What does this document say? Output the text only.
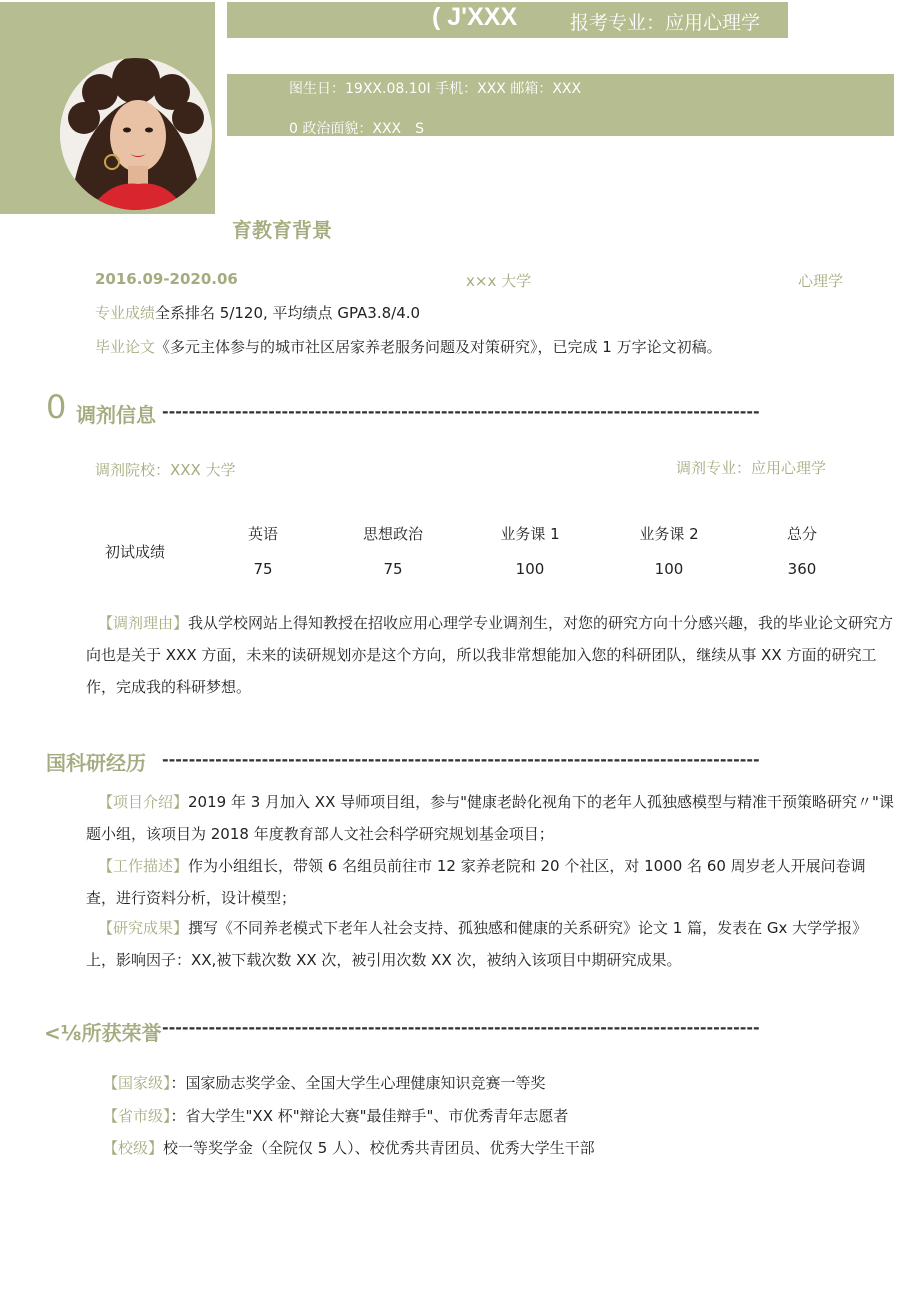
( J'XXX	报考专业：应用心理学
图生日：19XX.08.10I 手机：XXX 邮箱：XXX
0 政治面貌：XXX　S
育教育背景
2016.09-2020.06	x×x 大学	心理学
专业成绩全系排名 5/120, 平均绩点 GPA3.8/4.0
毕业论文《多元主体参与的城市社区居家养老服务问题及对策研究》，已完成 1 万字论文初稿。
0 调剂信息 ------------------------------------------------------------------------------------------
调剂院校：XXX 大学	调剂专业：应用心理学
初试成绩
英语	思想政治	业务课 1	业务课 2	总分
75	75	100	100	360
【调剂理由】我从学校网站上得知教授在招收应用心理学专业调剂生，对您的研究方向十分感兴趣，我的毕业论文研究方向也是关于 XXX 方面，未来的读研规划亦是这个方向，所以我非常想能加入您的科研团队，继续从事 XX 方面的研究工作，完成我的科研梦想。
国科研经历 ------------------------------------------------------------------------------------------
【项目介绍】2019 年 3 月加入 XX 导师项目组，参与"健康老龄化视角下的老年人孤独感模型与精准干预策略研究〃"课题小组，该项目为 2018 年度教育部人文社会科学研究规划基金项目；
【工作描述】作为小组组长，带领 6 名组员前往市 12 家养老院和 20 个社区，对 1000 名 60 周岁老人开展问卷调查，进行资料分析，设计模型；
【研究成果】撰写《不同养老模式下老年人社会支持、孤独感和健康的关系研究》论文 1 篇，发表在 Gx 大学学报》上，影响因子：XX,被下载次数 XX 次，被引用次数 XX 次，被纳入该项目中期研究成果。
<⅛所获荣誉 ------------------------------------------------------------------------------------------
【国家级】：国家励志奖学金、全国大学生心理健康知识竞赛一等奖
【省市级】：省大学生"XX 杯"辩论大赛"最佳辩手"、市优秀青年志愿者
【校级】校一等奖学金（全院仅 5 人）、校优秀共青团员、优秀大学生干部
